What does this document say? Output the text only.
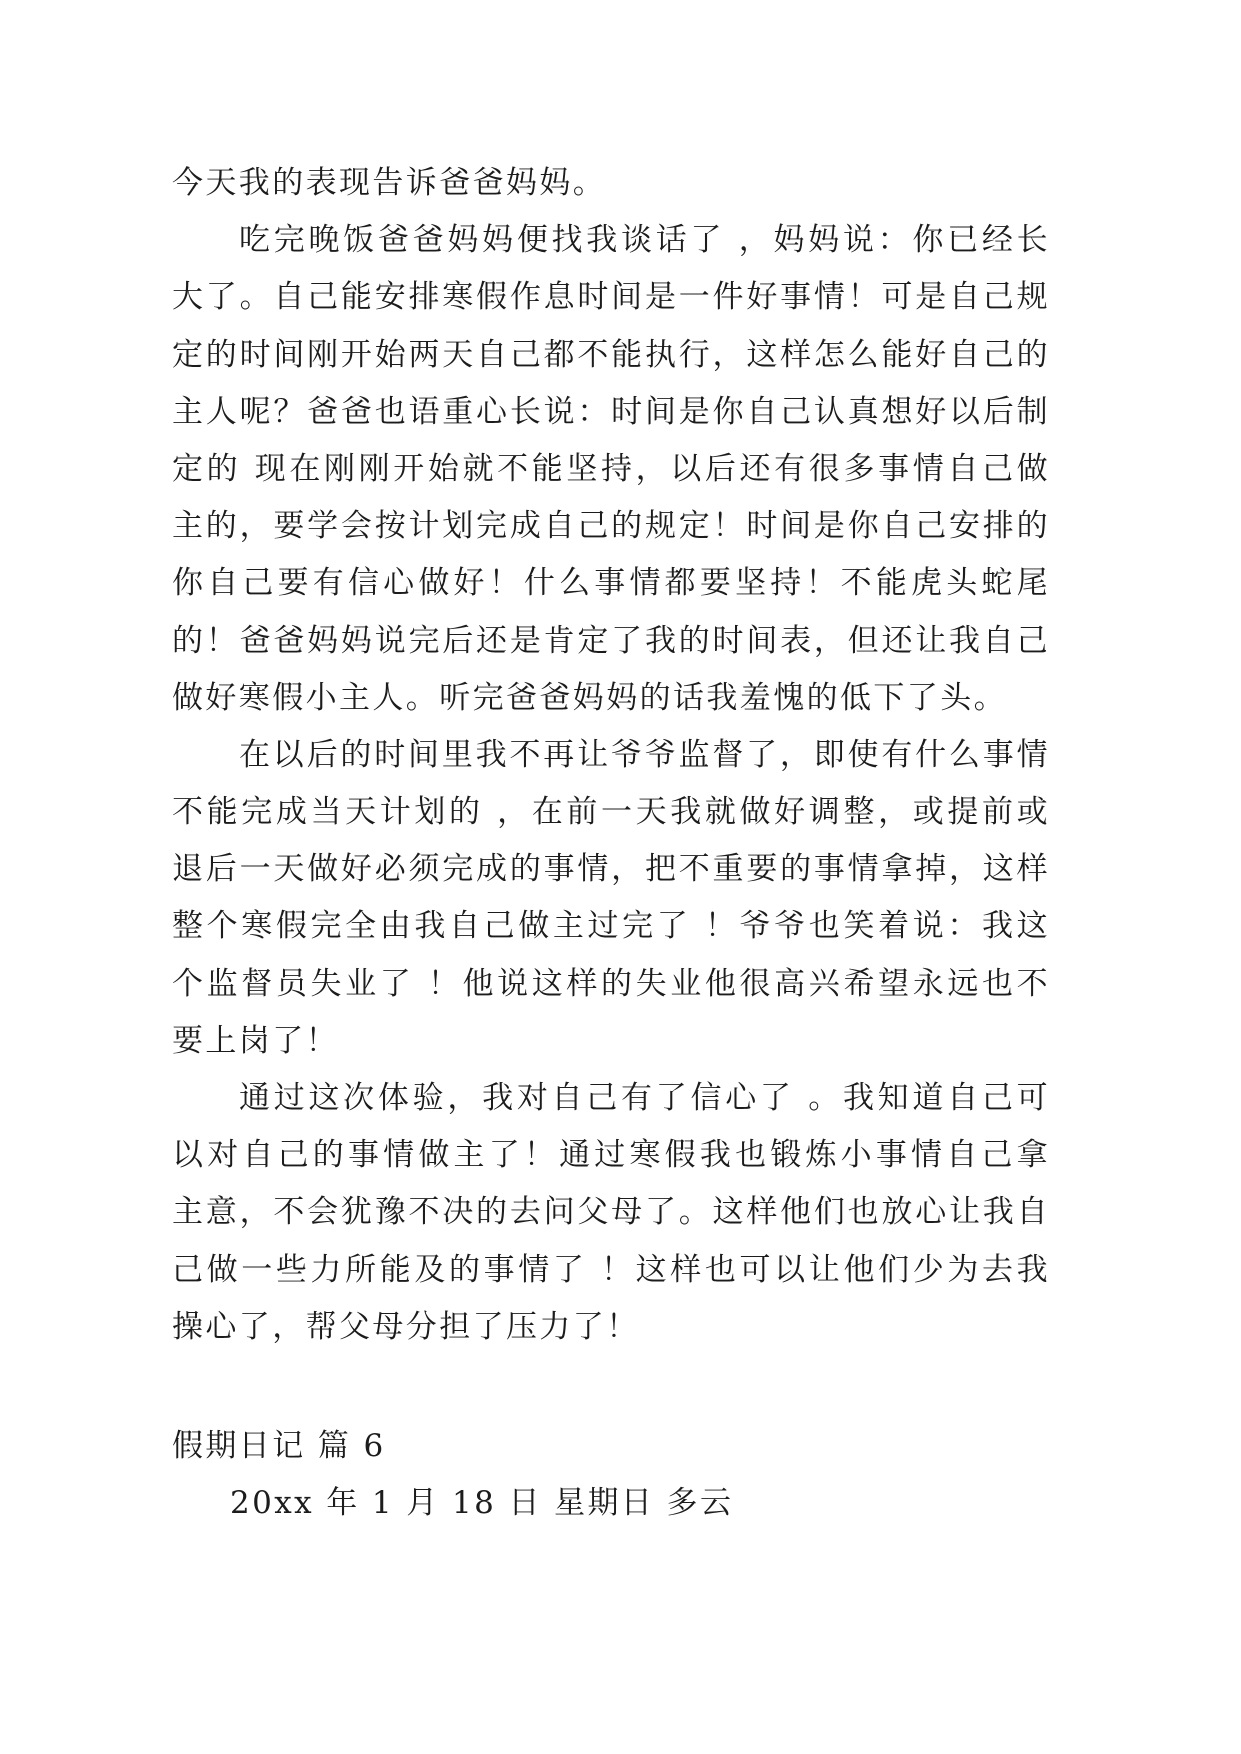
今天我的表现告诉爸爸妈妈。
吃完晚饭爸爸妈妈便找我谈话了 ，妈妈说：你已经长
大了。自己能安排寒假作息时间是一件好事情！可是自己规
定的时间刚开始两天自己都不能执行，这样怎么能好自己的
主人呢？爸爸也语重心长说：时间是你自己认真想好以后制
定的 现在刚刚开始就不能坚持，以后还有很多事情自己做
主的，要学会按计划完成自己的规定！时间是你自己安排的
你自己要有信心做好！什么事情都要坚持！不能虎头蛇尾
的！爸爸妈妈说完后还是肯定了我的时间表，但还让我自己
做好寒假小主人。听完爸爸妈妈的话我羞愧的低下了头。
在以后的时间里我不再让爷爷监督了，即使有什么事情
不能完成当天计划的 ，在前一天我就做好调整，或提前或
退后一天做好必须完成的事情，把不重要的事情拿掉，这样
整个寒假完全由我自己做主过完了 ！爷爷也笑着说：我这
个监督员失业了 ！他说这样的失业他很高兴希望永远也不
要上岗了！
通过这次体验，我对自己有了信心了 。我知道自己可
以对自己的事情做主了！通过寒假我也锻炼小事情自己拿
主意，不会犹豫不决的去问父母了。这样他们也放心让我自
己做一些力所能及的事情了 ！这样也可以让他们少为去我
操心了，帮父母分担了压力了！
假期日记 篇 6
20xx 年 1 月 18 日 星期日 多云
